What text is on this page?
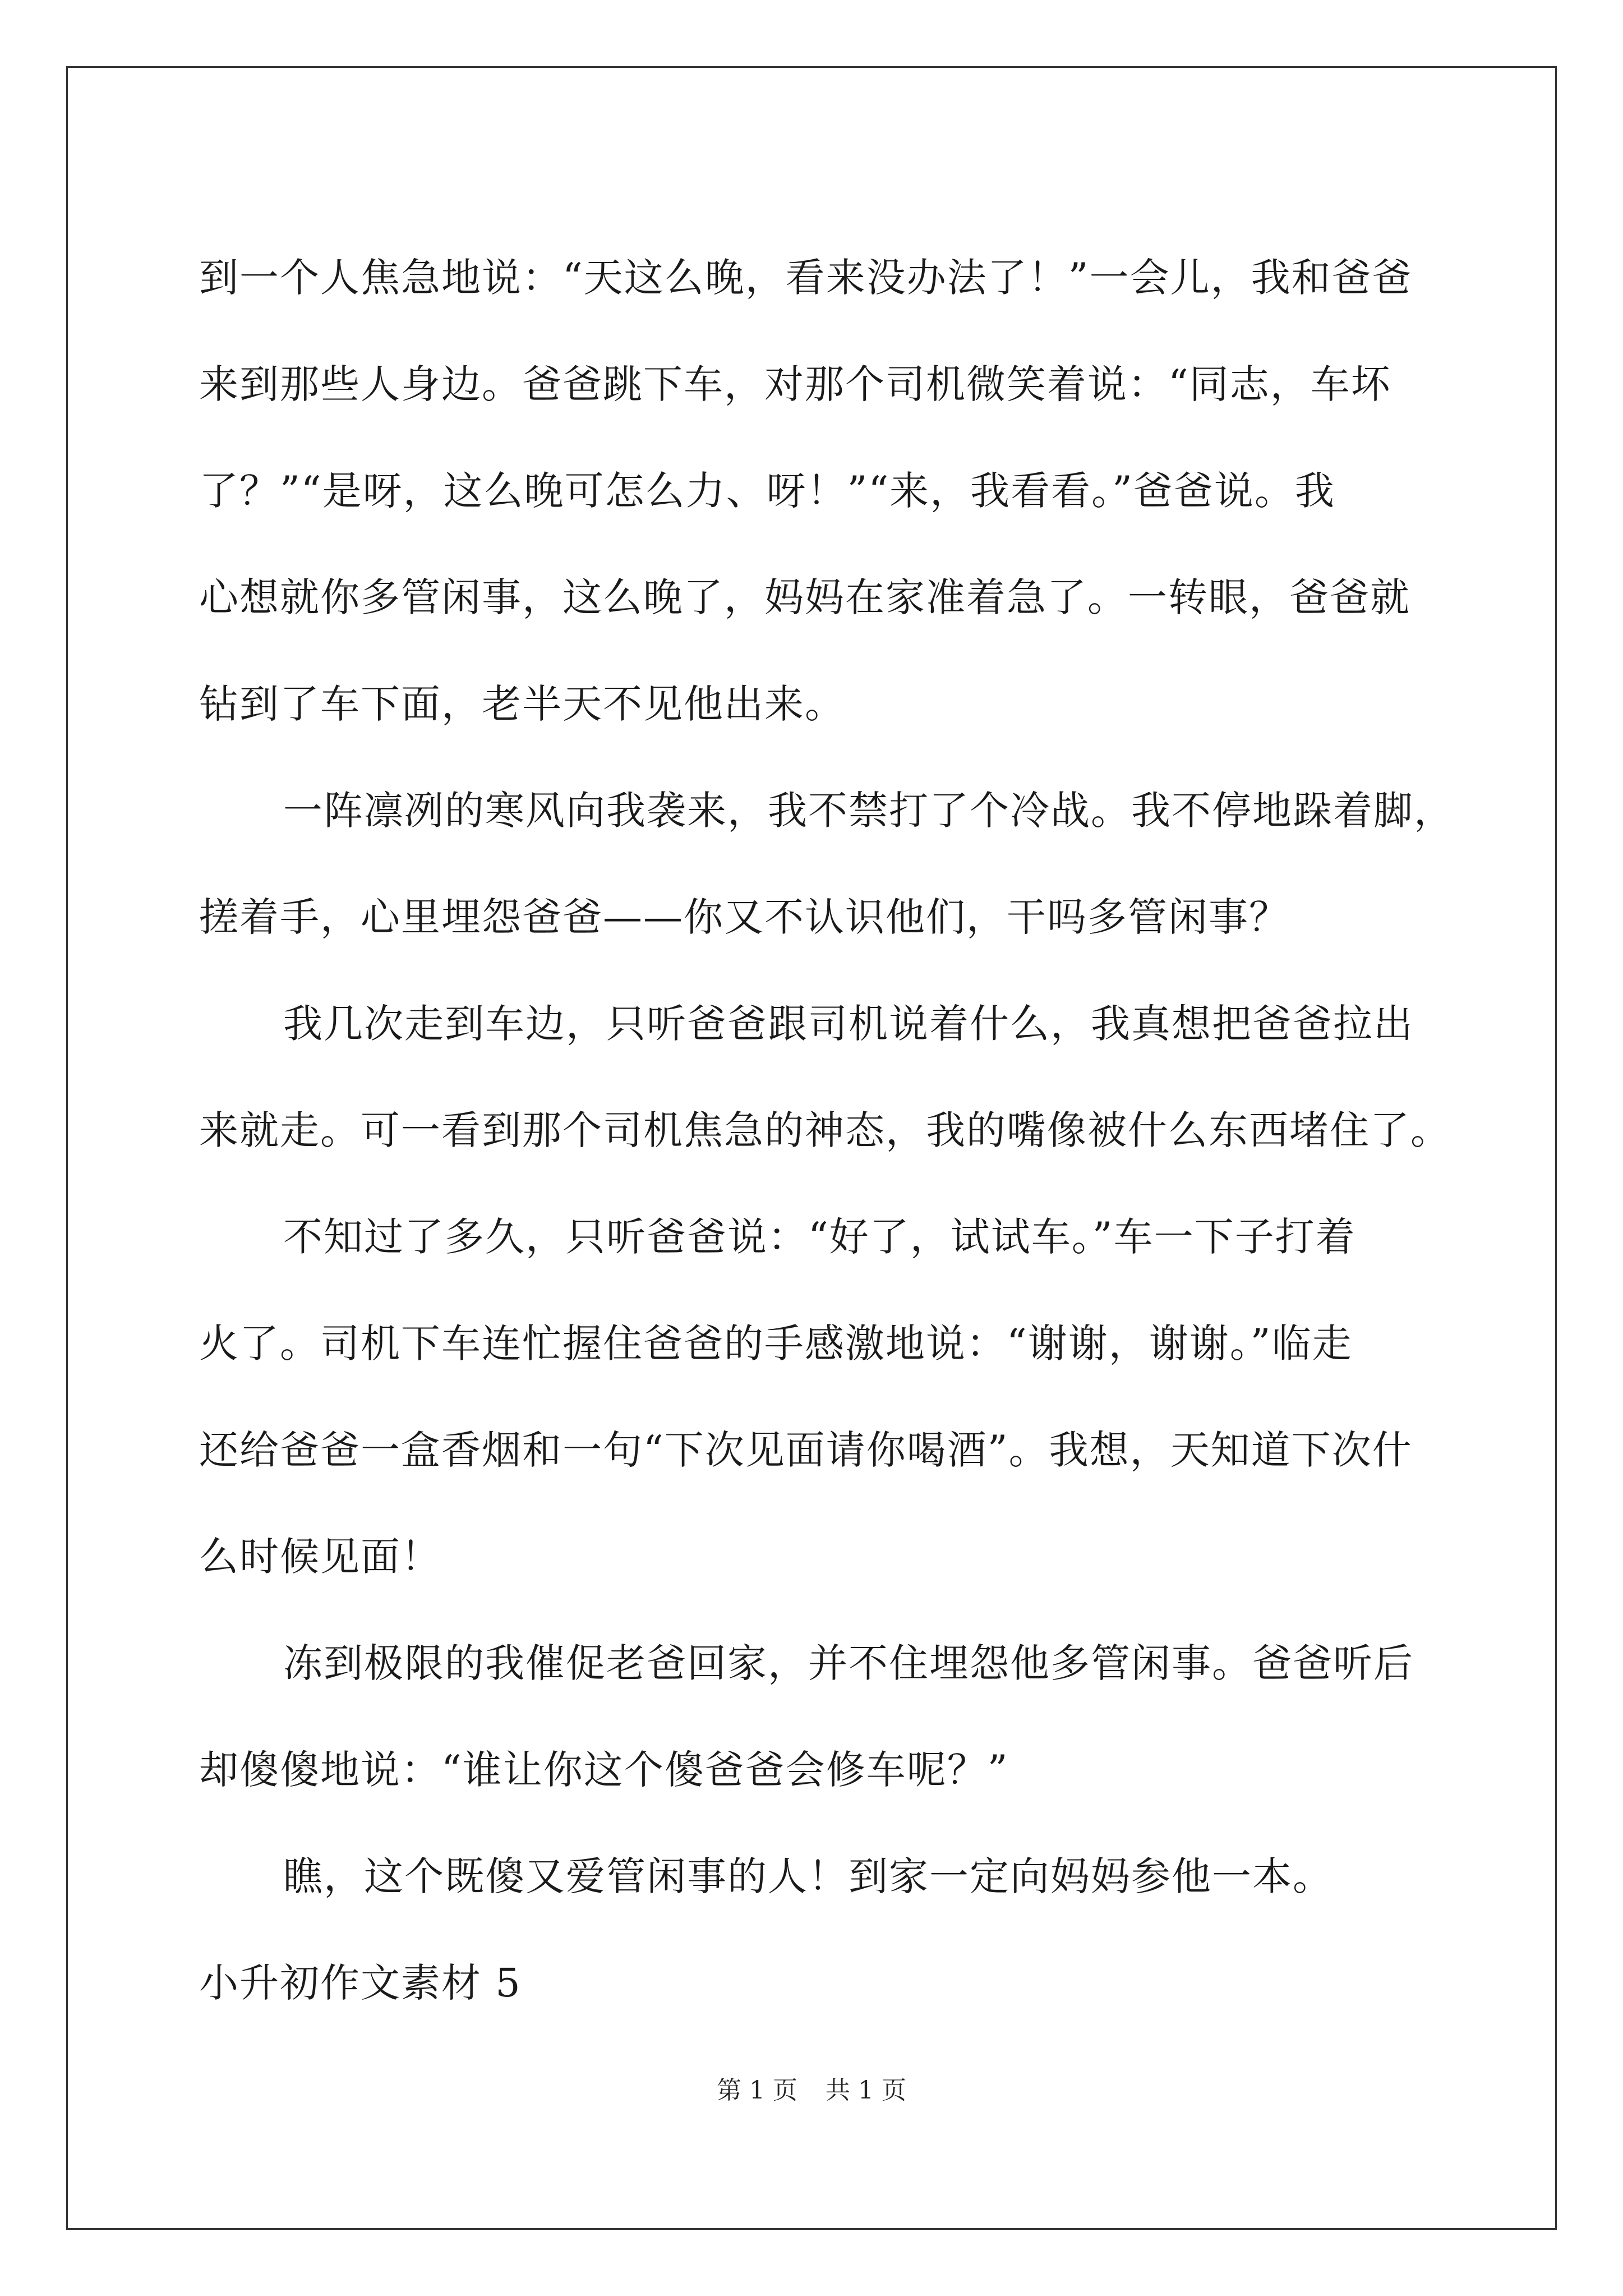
到一个人焦急地说：“天这么晚，看来没办法了！”一会儿，我和爸爸
来到那些人身边。爸爸跳下车，对那个司机微笑着说：“同志，车坏
了？”“是呀，这么晚可怎么力、呀！”“来，我看看。”爸爸说。我
心想就你多管闲事，这么晚了，妈妈在家准着急了。一转眼，爸爸就
钻到了车下面，老半天不见他出来。
一阵凛冽的寒风向我袭来，我不禁打了个冷战。我不停地跺着脚，
搓着手，心里埋怨爸爸——你又不认识他们，干吗多管闲事？
我几次走到车边，只听爸爸跟司机说着什么，我真想把爸爸拉出
来就走。可一看到那个司机焦急的神态，我的嘴像被什么东西堵住了。
不知过了多久，只听爸爸说：“好了，试试车。”车一下子打着
火了。司机下车连忙握住爸爸的手感激地说：“谢谢，谢谢。”临走
还给爸爸一盒香烟和一句“下次见面请你喝酒”。我想，天知道下次什
么时候见面！
冻到极限的我催促老爸回家，并不住埋怨他多管闲事。爸爸听后
却傻傻地说：“谁让你这个傻爸爸会修车呢？”
瞧，这个既傻又爱管闲事的人！到家一定向妈妈参他一本。
小升初作文素材 5
第 1 页 共 1 页
